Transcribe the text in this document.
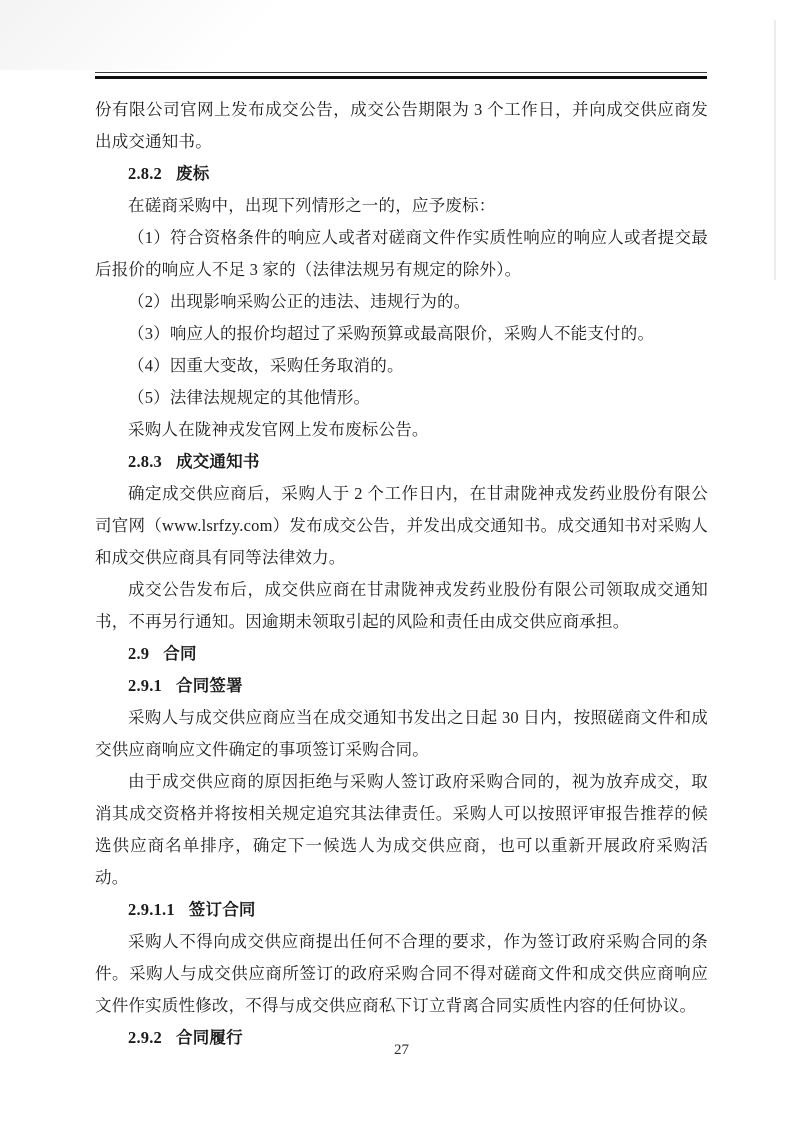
份有限公司官网上发布成交公告，成交公告期限为 3 个工作日，并向成交供应商发出成交通知书。

2.8.2 废标

在磋商采购中，出现下列情形之一的，应予废标：

（1）符合资格条件的响应人或者对磋商文件作实质性响应的响应人或者提交最后报价的响应人不足 3 家的（法律法规另有规定的除外）。

（2）出现影响采购公正的违法、违规行为的。

（3）响应人的报价均超过了采购预算或最高限价，采购人不能支付的。

（4）因重大变故，采购任务取消的。

（5）法律法规规定的其他情形。

采购人在陇神戎发官网上发布废标公告。

2.8.3 成交通知书

确定成交供应商后，采购人于 2 个工作日内，在甘肃陇神戎发药业股份有限公司官网（www.lsrfzy.com）发布成交公告，并发出成交通知书。成交通知书对采购人和成交供应商具有同等法律效力。

成交公告发布后，成交供应商在甘肃陇神戎发药业股份有限公司领取成交通知书，不再另行通知。因逾期未领取引起的风险和责任由成交供应商承担。

2.9 合同

2.9.1 合同签署

采购人与成交供应商应当在成交通知书发出之日起 30 日内，按照磋商文件和成交供应商响应文件确定的事项签订采购合同。

由于成交供应商的原因拒绝与采购人签订政府采购合同的，视为放弃成交，取消其成交资格并将按相关规定追究其法律责任。采购人可以按照评审报告推荐的候选供应商名单排序，确定下一候选人为成交供应商，也可以重新开展政府采购活动。

2.9.1.1 签订合同

采购人不得向成交供应商提出任何不合理的要求，作为签订政府采购合同的条件。采购人与成交供应商所签订的政府采购合同不得对磋商文件和成交供应商响应文件作实质性修改，不得与成交供应商私下订立背离合同实质性内容的任何协议。

2.9.2 合同履行

27
